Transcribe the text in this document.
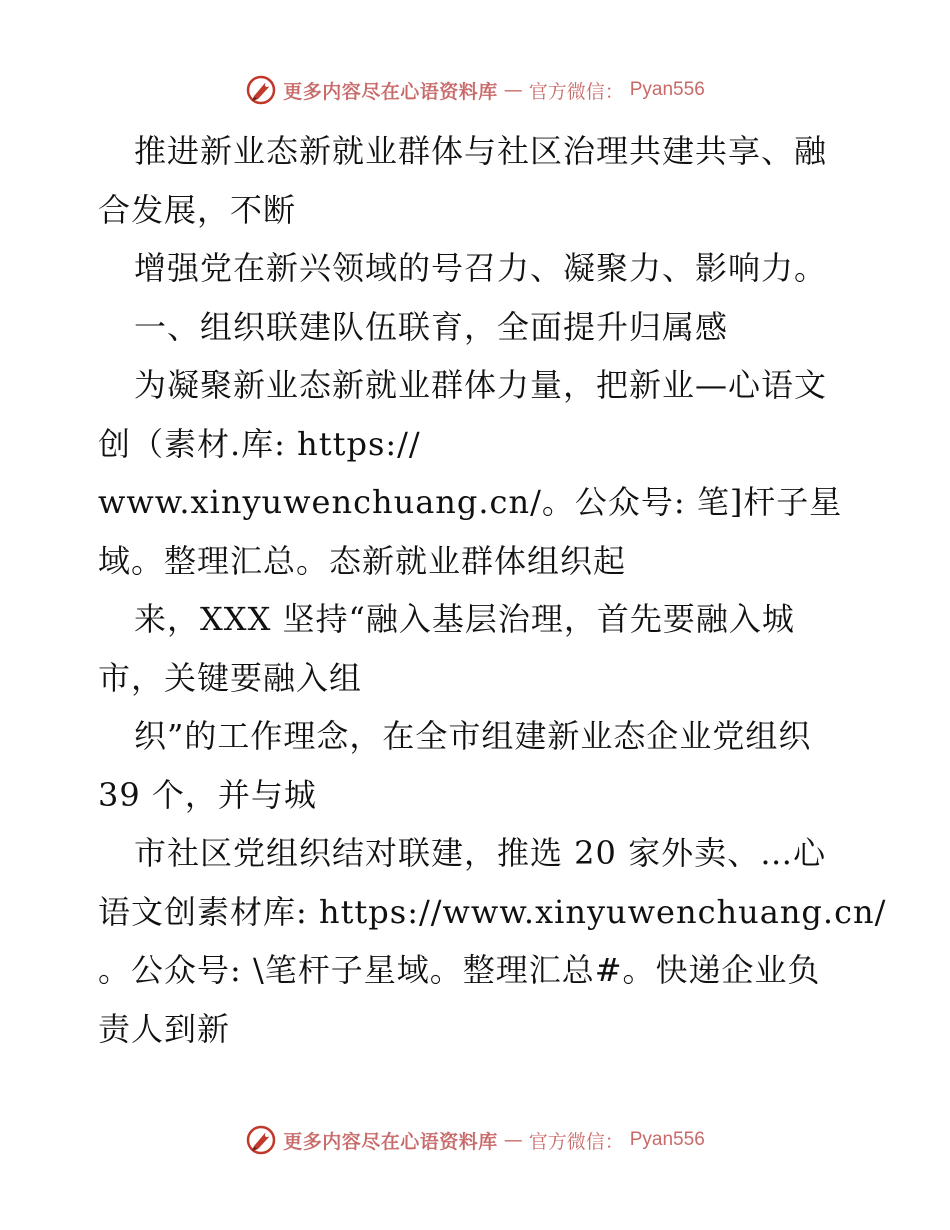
更多内容尽在心语资料库 — 官方微信： Pyan556
推进新业态新就业群体与社区治理共建共享、融
合发展，不断
增强党在新兴领域的号召力、凝聚力、影响力。
一、组织联建队伍联育，全面提升归属感
为凝聚新业态新就业群体力量，把新业—心语文
创（素材.库: https://
www.xinyuwenchuang.cn/。公众号: 笔]杆子星
域。整理汇总。态新就业群体组织起
来，XXX 坚持“融入基层治理，首先要融入城
市，关键要融入组
织”的工作理念，在全市组建新业态企业党组织
39 个，并与城
市社区党组织结对联建，推选 20 家外卖、…心
语文创素材库: https://www.xinyuwenchuang.cn/
。公众号: \笔杆子星域。整理汇总#。快递企业负
责人到新
更多内容尽在心语资料库 — 官方微信： Pyan556
